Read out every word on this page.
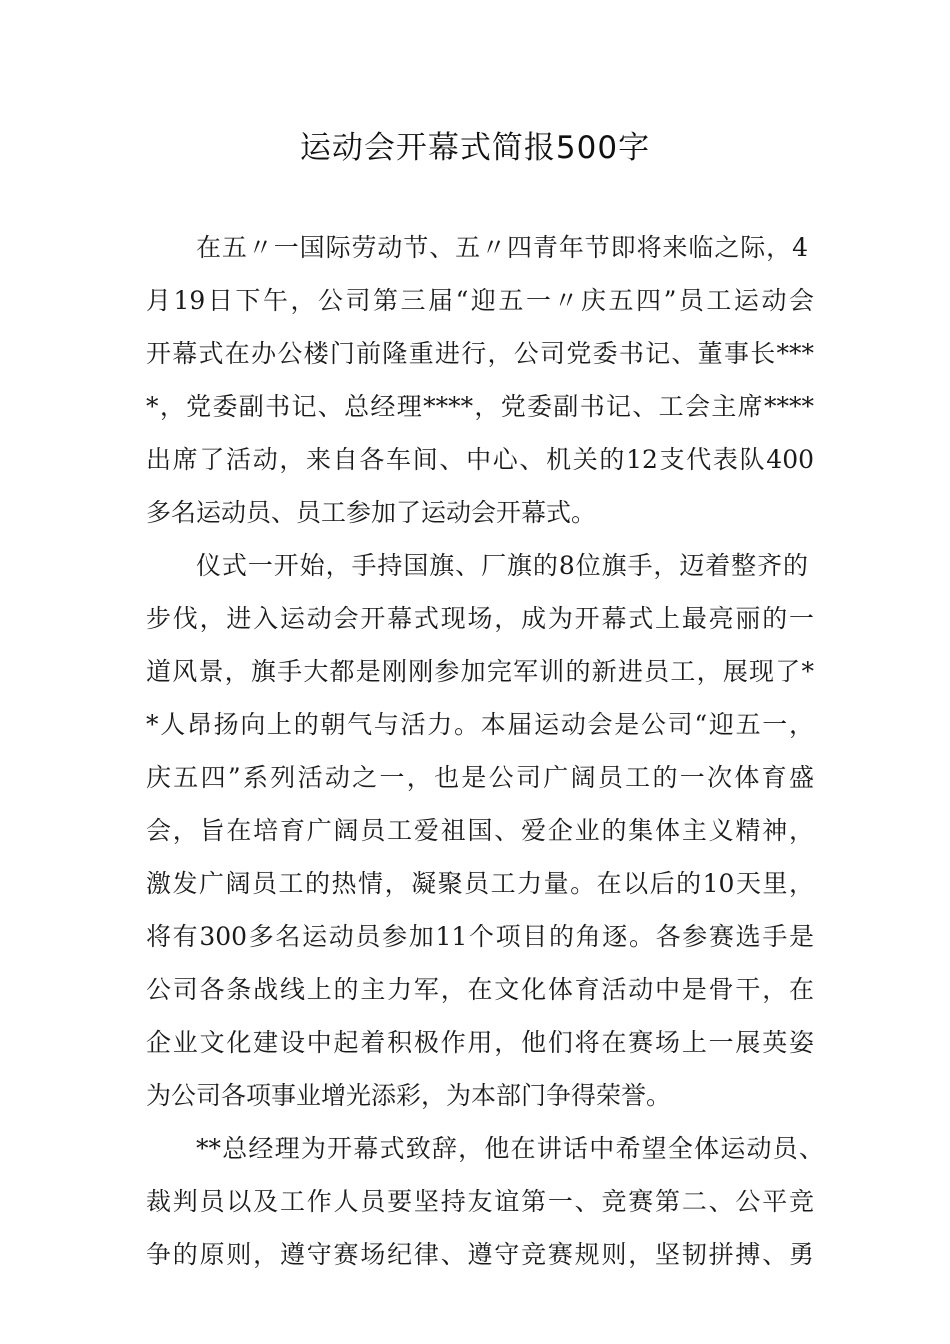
运动会开幕式简报500字
在五〃一国际劳动节、五〃四青年节即将来临之际，4
月19日下午，公司第三届“迎五一〃庆五四”员工运动会
开幕式在办公楼门前隆重进行，公司党委书记、董事长***
*，党委副书记、总经理****，党委副书记、工会主席****
出席了活动，来自各车间、中心、机关的12支代表队400
多名运动员、员工参加了运动会开幕式。
仪式一开始，手持国旗、厂旗的8位旗手，迈着整齐的
步伐，进入运动会开幕式现场，成为开幕式上最亮丽的一
道风景，旗手大都是刚刚参加完军训的新进员工，展现了*
*人昂扬向上的朝气与活力。本届运动会是公司“迎五一，
庆五四”系列活动之一，也是公司广阔员工的一次体育盛
会，旨在培育广阔员工爱祖国、爱企业的集体主义精神，
激发广阔员工的热情，凝聚员工力量。在以后的10天里，
将有300多名运动员参加11个项目的角逐。各参赛选手是
公司各条战线上的主力军，在文化体育活动中是骨干，在
企业文化建设中起着积极作用，他们将在赛场上一展英姿
为公司各项事业增光添彩，为本部门争得荣誉。
**总经理为开幕式致辞，他在讲话中希望全体运动员、
裁判员以及工作人员要坚持友谊第一、竞赛第二、公平竞
争的原则，遵守赛场纪律、遵守竞赛规则，坚韧拼搏、勇
